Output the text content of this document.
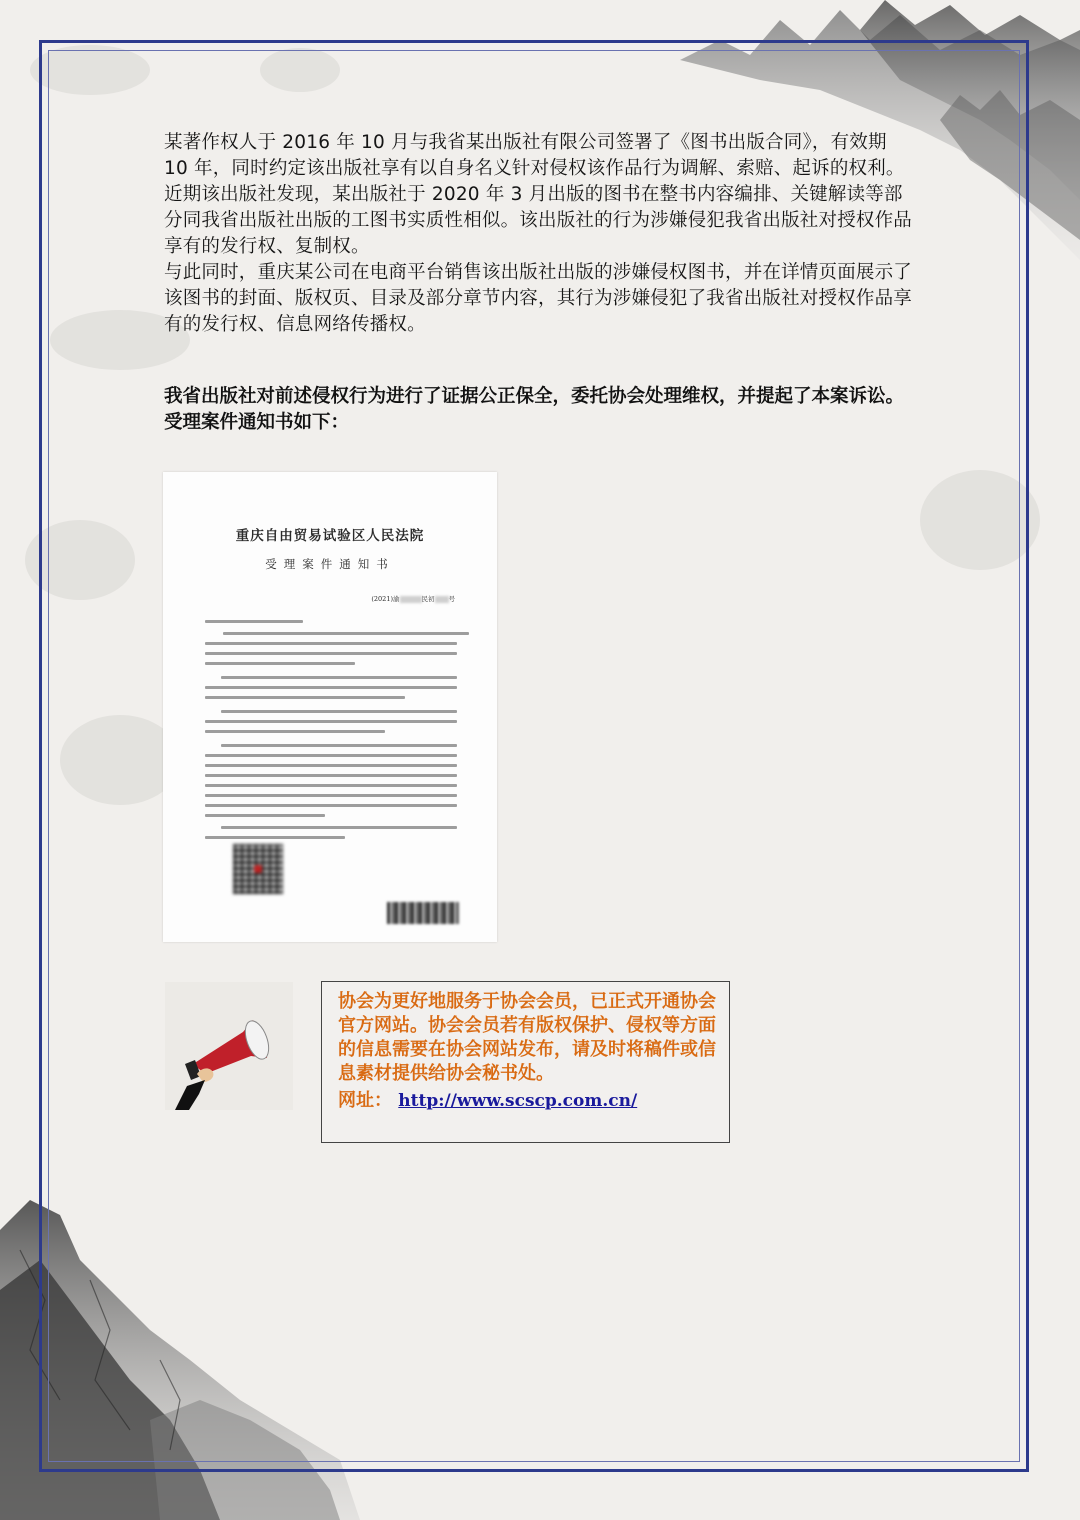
某著作权人于 2016 年 10 月与我省某出版社有限公司签署了《图书出版合同》，有效期 10 年，同时约定该出版社享有以自身名义针对侵权该作品行为调解、索赔、起诉的权利。近期该出版社发现，某出版社于 2020 年 3 月出版的图书在整书内容编排、关键解读等部分同我省出版社出版的工图书实质性相似。该出版社的行为涉嫌侵犯我省出版社对授权作品享有的发行权、复制权。

与此同时，重庆某公司在电商平台销售该出版社出版的涉嫌侵权图书，并在详情页面展示了该图书的封面、版权页、目录及部分章节内容，其行为涉嫌侵犯了我省出版社对授权作品享有的发行权、信息网络传播权。

我省出版社对前述侵权行为进行了证据公正保全，委托协会处理维权，并提起了本案诉讼。

受理案件通知书如下：

重庆自由贸易试验区人民法院
受理案件通知书
(2021)渝	民初 号
协会为更好地服务于协会会员，已正式开通协会官方网站。协会会员若有版权保护、侵权等方面的信息需要在协会网站发布，请及时将稿件或信息素材提供给协会秘书处。
网址： http://www.scscp.com.cn/
